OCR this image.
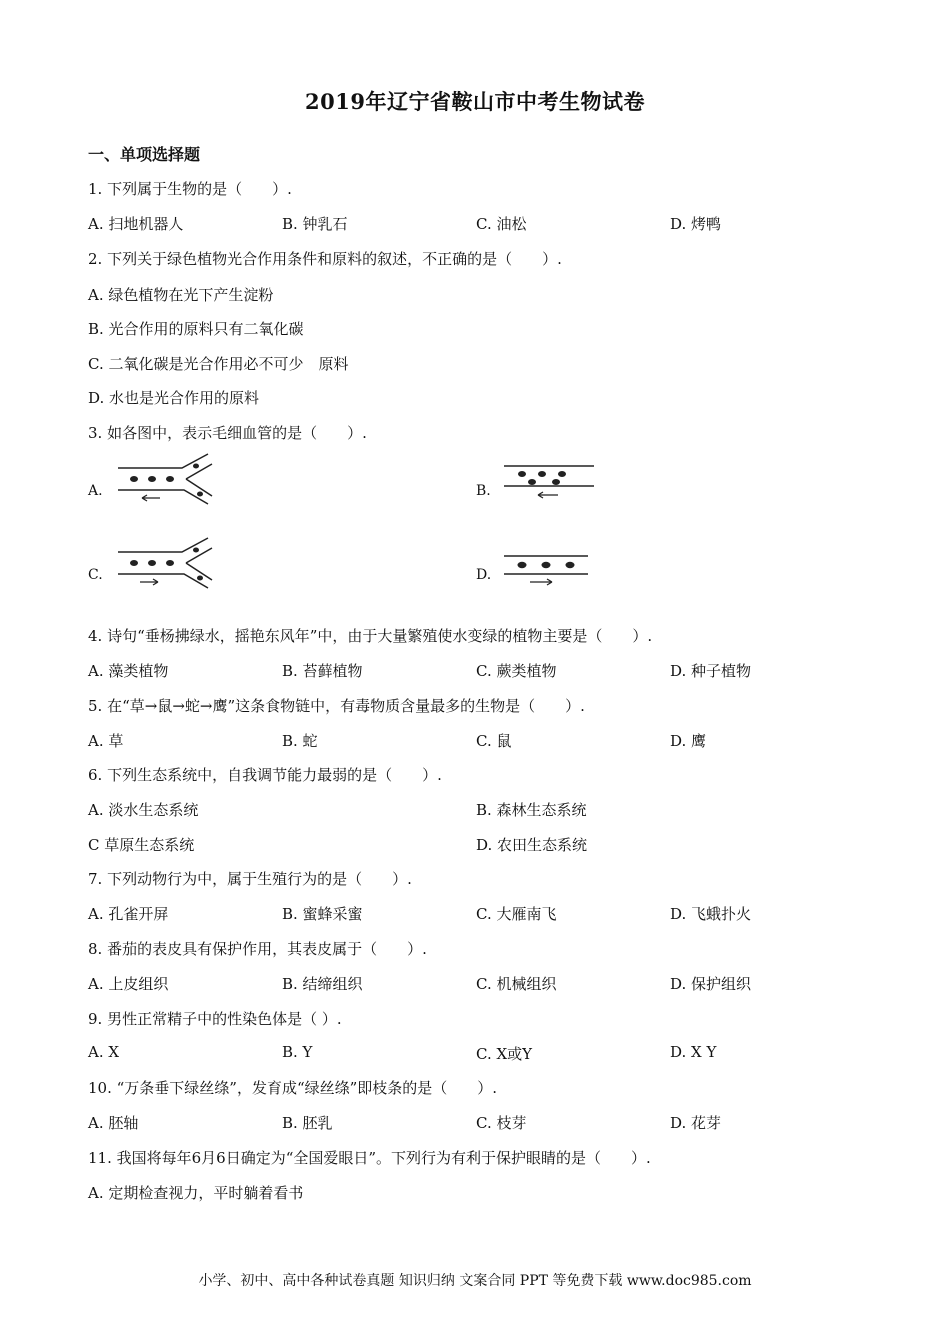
2019年辽宁省鞍山市中考生物试卷
一、单项选择题
1. 下列属于生物的是（　　）.
A. 扫地机器人	B. 钟乳石	C. 油松	D. 烤鸭
2. 下列关于绿色植物光合作用条件和原料的叙述，不正确的是（　　）.
A. 绿色植物在光下产生淀粉
B. 光合作用的原料只有二氧化碳
C. 二氧化碳是光合作用必不可少　原料
D. 水也是光合作用的原料
3. 如各图中，表示毛细血管的是（　　）.
A.	B.
C.	D.
4. 诗句“垂杨拂绿水，摇艳东风年”中，由于大量繁殖使水变绿的植物主要是（　　）.
A. 藻类植物	B. 苔藓植物	C. 蕨类植物	D. 种子植物
5. 在“草→鼠→蛇→鹰”这条食物链中，有毒物质含量最多的生物是（　　）.
A. 草	B. 蛇	C. 鼠	D. 鹰
6. 下列生态系统中，自我调节能力最弱的是（　　）.
A. 淡水生态系统	B. 森林生态系统
C 草原生态系统	D. 农田生态系统
7. 下列动物行为中，属于生殖行为的是（　　）.
A. 孔雀开屏	B. 蜜蜂采蜜	C. 大雁南飞	D. 飞蛾扑火
8. 番茄的表皮具有保护作用，其表皮属于（　　）.
A. 上皮组织	B. 结缔组织	C. 机械组织	D. 保护组织
9. 男性正常精子中的性染色体是（ ）.
A. X	B. Y	C. X或Y	D. X Y
10. “万条垂下绿丝绦”，发育成“绿丝绦”即枝条的是（　　）.
A. 胚轴	B. 胚乳	C. 枝芽	D. 花芽
11. 我国将每年6月6日确定为“全国爱眼日”。下列行为有利于保护眼睛的是（　　）.
A. 定期检查视力，平时躺着看书
小学、初中、高中各种试卷真题 知识归纳 文案合同 PPT 等免费下载 www.doc985.com
